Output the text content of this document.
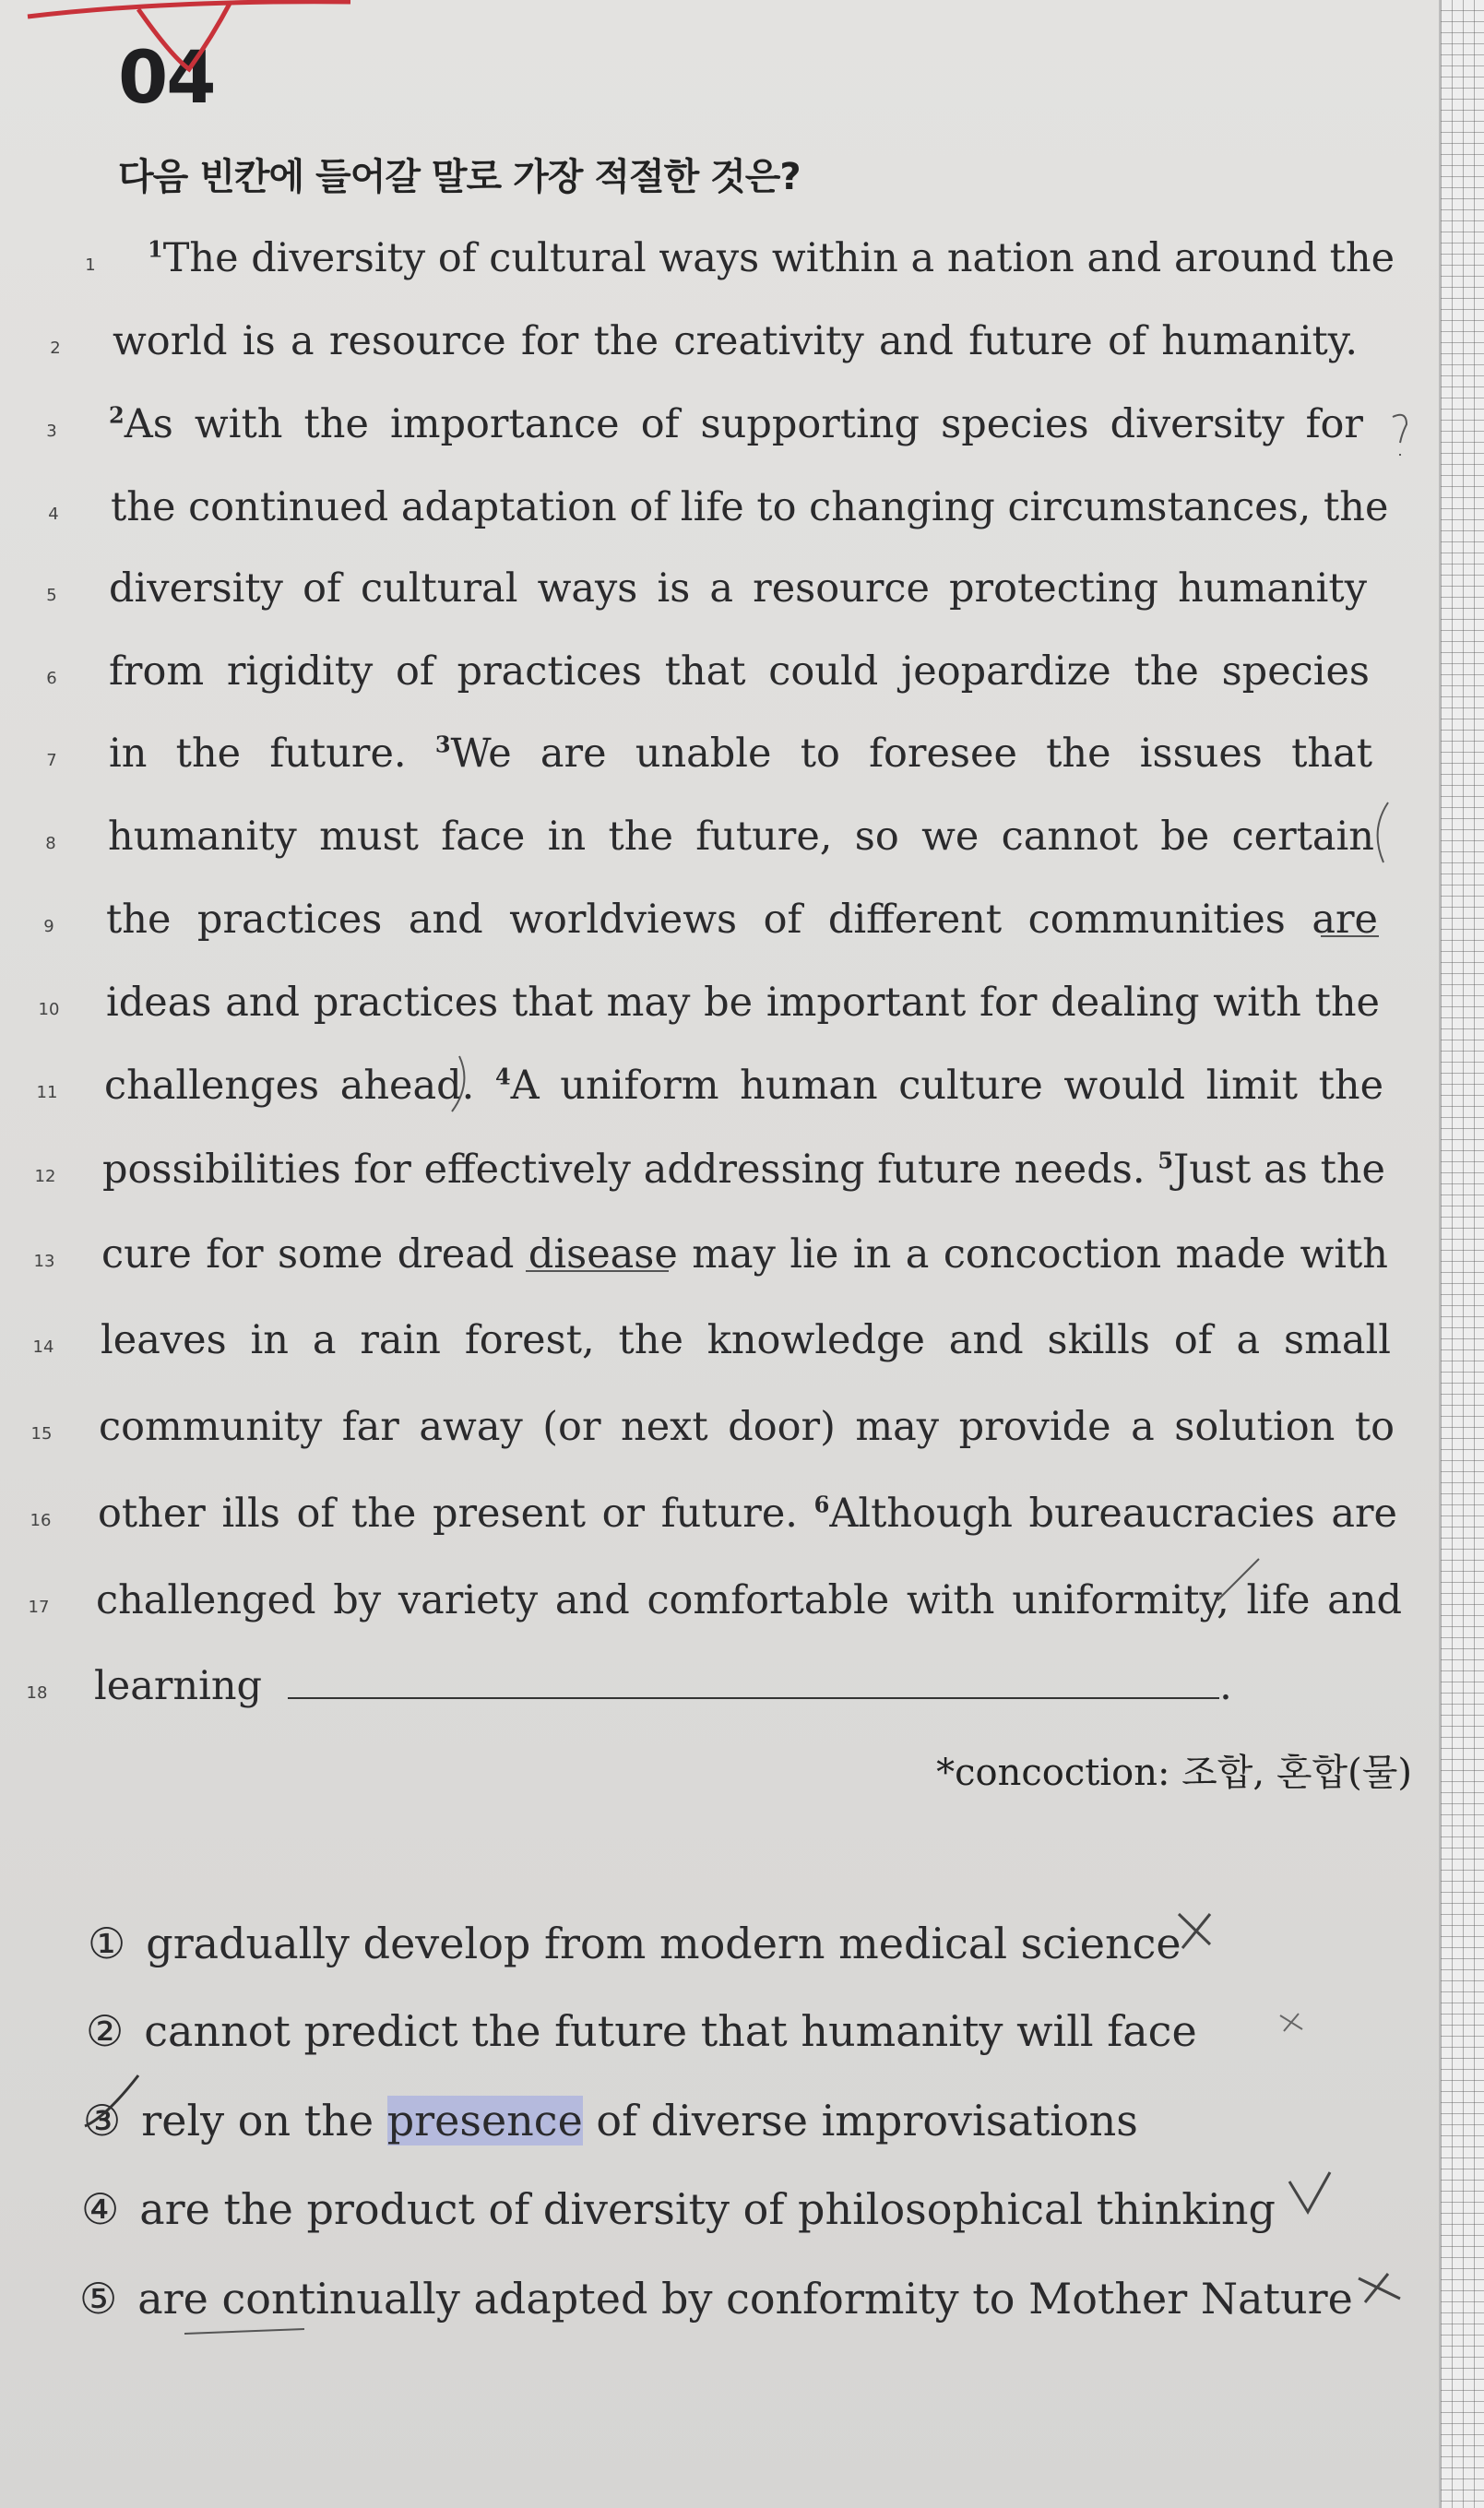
04
다음 빈칸에 들어갈 말로 가장 적절한 것은?
1
$^1$The diversity of cultural ways within a nation and around the
2	world is a resource for the creativity and future of humanity.
3
$^2$As with the importance of supporting species diversity for
4	the continued adaptation of life to changing circumstances, the
5	diversity of cultural ways is a resource protecting humanity
6	from rigidity of practices that could jeopardize the species
7	in the future. $^3$We are unable to foresee the issues that
8	humanity must face in the future, so we cannot be certain
9	the practices and worldviews of different communities are
10 ideas and practices that may be important for dealing with the
11 challenges ahead. $^4$A uniform human culture would limit the
12 possibilities for effectively addressing future needs. $^5$Just as the
13 cure for some dread disease may lie in a concoction made with
14 leaves in a rain forest, the knowledge and skills of a small
15 community far away (or next door) may provide a solution to
16 other ills of the present or future. $^6$Although bureaucracies are
17 challenged by variety and comfortable with uniformity, life and
18 learning	.
*concoction: 조합, 혼합(물)
① gradually develop from modern medical science
② cannot predict the future that humanity will face
③ rely on the presence of diverse improvisations
④ are the product of diversity of philosophical thinking
⑤ are continually adapted by conformity to Mother Nature
